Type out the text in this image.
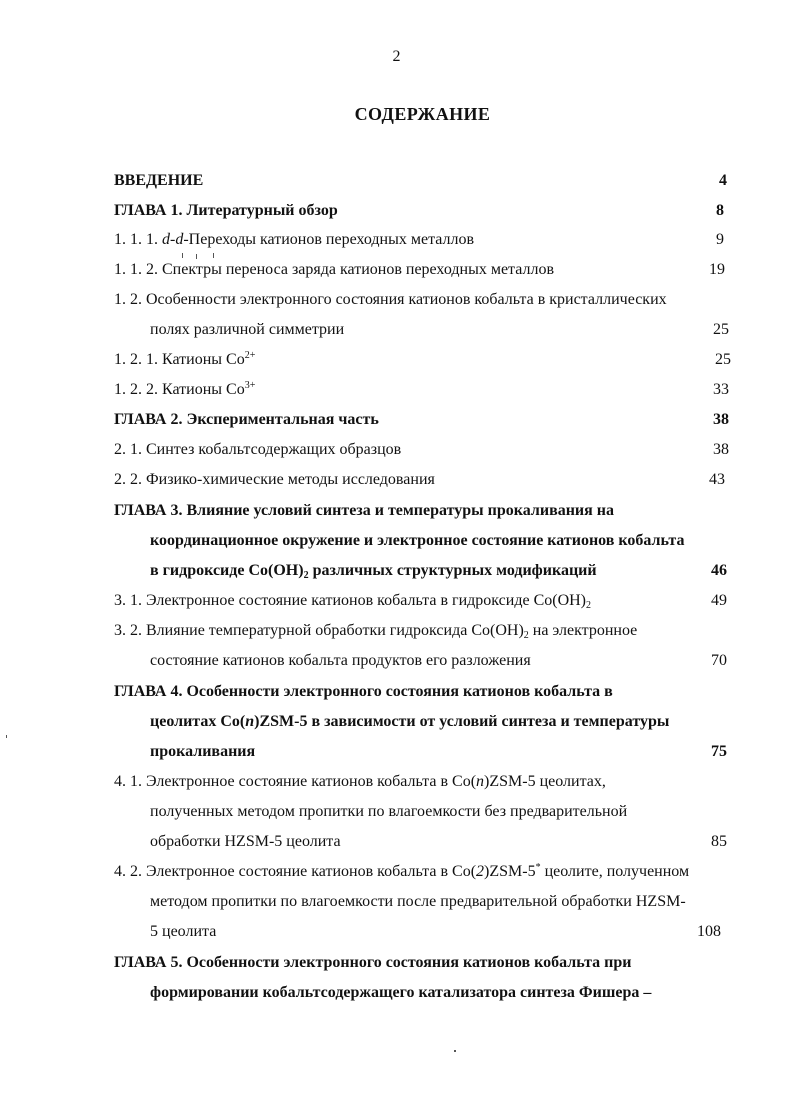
2
СОДЕРЖАНИЕ
ВВЕДЕНИЕ	4
ГЛАВА 1. Литературный обзор	8
1. 1. 1. d-d-Переходы катионов переходных металлов	9
1. 1. 2. Спектры переноса заряда катионов переходных металлов	19
1. 2. Особенности электронного состояния катионов кобальта в кристаллических
полях различной симметрии	25
1. 2. 1. Катионы $Co^{2+}$	25
1. 2. 2. Катионы $Co^{3+}$	33
ГЛАВА 2. Экспериментальная часть	38
2. 1. Синтез кобальтсодержащих образцов	38
2. 2. Физико-химические методы исследования	43
ГЛАВА 3. Влияние условий синтеза и температуры прокаливания на
координационное окружение и электронное состояние катионов кобальта
в гидроксиде $Co(OH)_2$ различных структурных модификаций	46
3. 1. Электронное состояние катионов кобальта в гидроксиде $Co(OH)_2$	49
3. 2. Влияние температурной обработки гидроксида $Co(OH)_2$ на электронное
состояние катионов кобальта продуктов его разложения	70
ГЛАВА 4. Особенности электронного состояния катионов кобальта в
цеолитах Co(n)ZSM-5 в зависимости от условий синтеза и температуры
прокаливания	75
4. 1. Электронное состояние катионов кобальта в Co(n)ZSM-5 цеолитах,
полученных методом пропитки по влагоемкости без предварительной
обработки HZSM-5 цеолита	85
4. 2. Электронное состояние катионов кобальта в Co(2)ZSM-5* цеолите, полученном
методом пропитки по влагоемкости после предварительной обработки HZSM-
5 цеолита	108
ГЛАВА 5. Особенности электронного состояния катионов кобальта при
формировании кобальтсодержащего катализатора синтеза Фишера –
